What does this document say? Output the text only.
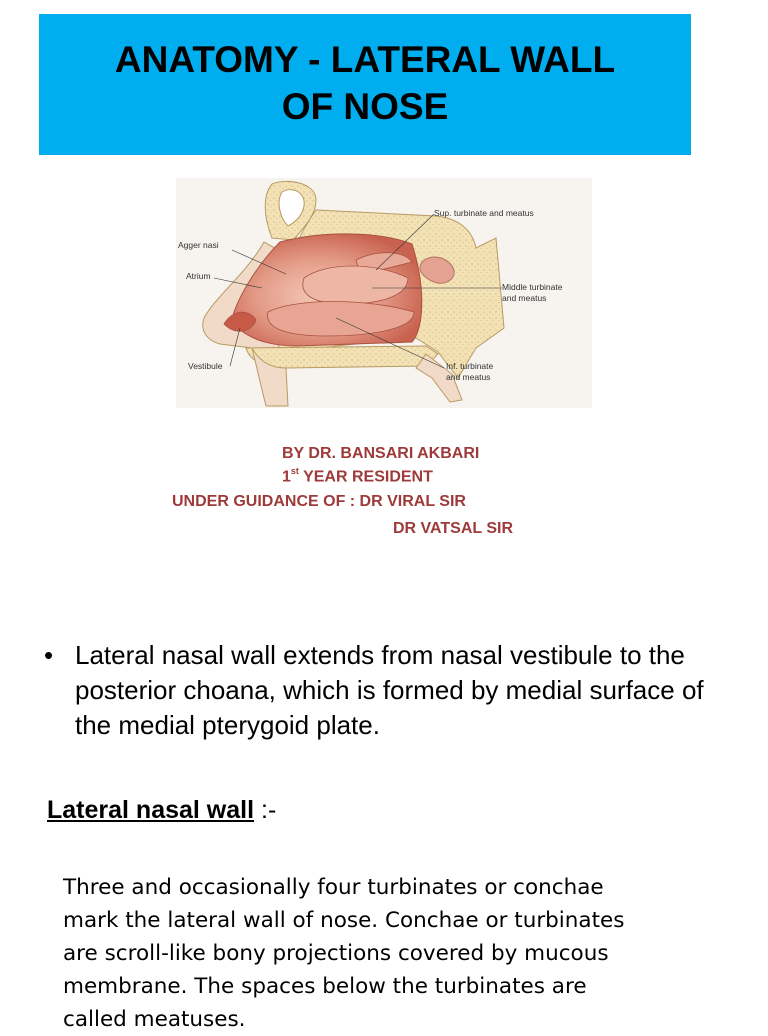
ANATOMY - LATERAL WALL
OF NOSE
Agger nasi
Atrium
Vestibule
Sup. turbinate and meatus
Middle turbinate
and meatus
Inf. turbinate
and meatus
BY DR. BANSARI AKBARI
1st YEAR RESIDENT
UNDER GUIDANCE OF : DR VIRAL SIR
DR VATSAL SIR
• Lateral nasal wall extends from nasal vestibule to the posterior choana, which is formed by medial surface of the medial pterygoid plate.
Lateral nasal wall :-
Three and occasionally four turbinates or conchae mark the lateral wall of nose. Conchae or turbinates are scroll-like bony projections covered by mucous membrane. The spaces below the turbinates are called meatuses.
